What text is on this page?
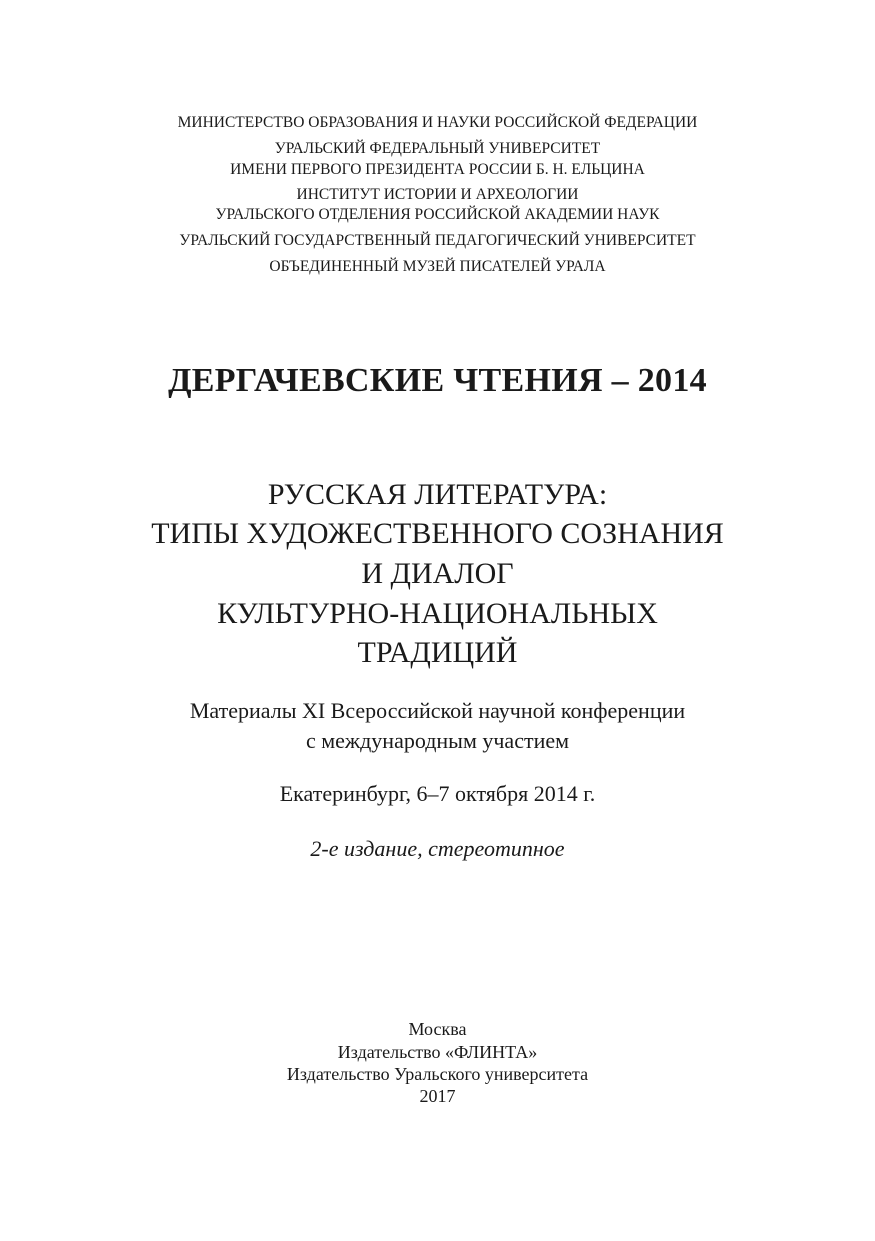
МИНИСТЕРСТВО ОБРАЗОВАНИЯ И НАУКИ РОССИЙСКОЙ ФЕДЕРАЦИИ
УРАЛЬСКИЙ ФЕДЕРАЛЬНЫЙ УНИВЕРСИТЕТ
ИМЕНИ ПЕРВОГО ПРЕЗИДЕНТА РОССИИ Б. Н. ЕЛЬЦИНА
ИНСТИТУТ ИСТОРИИ И АРХЕОЛОГИИ
УРАЛЬСКОГО ОТДЕЛЕНИЯ РОССИЙСКОЙ АКАДЕМИИ НАУК
УРАЛЬСКИЙ ГОСУДАРСТВЕННЫЙ ПЕДАГОГИЧЕСКИЙ УНИВЕРСИТЕТ
ОБЪЕДИНЕННЫЙ МУЗЕЙ ПИСАТЕЛЕЙ УРАЛА
ДЕРГАЧЕВСКИЕ ЧТЕНИЯ – 2014
РУССКАЯ ЛИТЕРАТУРА:
ТИПЫ ХУДОЖЕСТВЕННОГО СОЗНАНИЯ
И ДИАЛОГ
КУЛЬТУРНО-НАЦИОНАЛЬНЫХ
ТРАДИЦИЙ
Материалы XI Всероссийской научной конференции
с международным участием
Екатеринбург, 6–7 октября 2014 г.
2-е издание, стереотипное
Москва
Издательство «ФЛИНТА»
Издательство Уральского университета
2017
